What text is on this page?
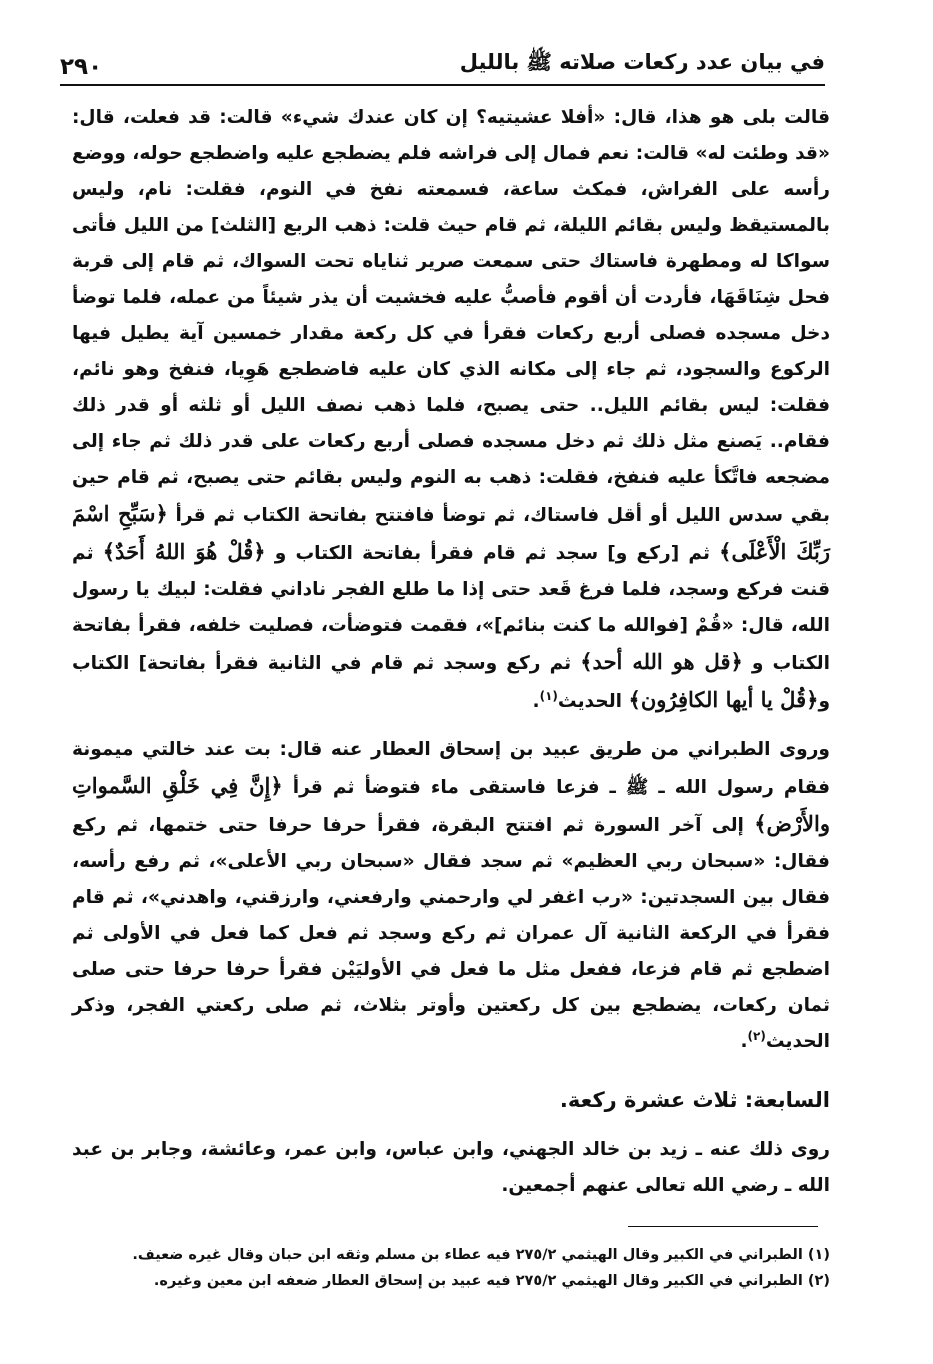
في بيان عدد ركعات صلاته ﷺ بالليل
٢٩٠

قالت بلى هو هذا، قال: «أفلا عشيتيه؟ إن كان عندك شيء» قالت: قد فعلت، قال: «قد وطئت له» قالت: نعم فمال إلى فراشه فلم يضطجع عليه واضطجع حوله، ووضع رأسه على الفراش، فمكث ساعة، فسمعته نفخ في النوم، فقلت: نام، وليس بالمستيقظ وليس بقائم الليلة، ثم قام حيث قلت: ذهب الربع [الثلث] من الليل فأتى سواكا له ومطهرة فاستاك حتى سمعت صرير ثناياه تحت السواك، ثم قام إلى قربة فحل شِنَاقَهَا، فأردت أن أقوم فأصبُّ عليه فخشيت أن يذر شيئاً من عمله، فلما توضأ دخل مسجده فصلى أربع ركعات فقرأ في كل ركعة مقدار خمسين آية يطيل فيها الركوع والسجود، ثم جاء إلى مكانه الذي كان عليه فاضطجع هَوِيا، فنفخ وهو نائم، فقلت: ليس بقائم الليل.. حتى يصبح، فلما ذهب نصف الليل أو ثلثه أو قدر ذلك فقام.. يَصنع مثل ذلك ثم دخل مسجده فصلى أربع ركعات على قدر ذلك ثم جاء إلى مضجعه فاتَّكأ عليه فنفخ، فقلت: ذهب به النوم وليس بقائم حتى يصبح، ثم قام حين بقي سدس الليل أو أقل فاستاك، ثم توضأ فافتتح بفاتحة الكتاب ثم قرأ ﴿سَبِّحِ اسْمَ رَبِّكَ الْأَعْلَى﴾ ثم [ركع و] سجد ثم قام فقرأ بفاتحة الكتاب و ﴿قُلْ هُوَ اللهُ أَحَدٌ﴾ ثم قنت فركع وسجد، فلما فرغ قَعد حتى إذا ما طلع الفجر ناداني فقلت: لبيك يا رسول الله، قال: «قُمْ [فوالله ما كنت بنائم]»، فقمت فتوضأت، فصليت خلفه، فقرأ بفاتحة الكتاب و ﴿قل هو الله أحد﴾ ثم ركع وسجد ثم قام في الثانية فقرأ بفاتحة] الكتاب و﴿قُلْ يا أيها الكافِرُون﴾ الحديث$^{(١)}$.

وروى الطبراني من طريق عبيد بن إسحاق العطار عنه قال: بت عند خالتي ميمونة فقام رسول الله ـ ﷺ ـ فزعا فاستقى ماء فتوضأ ثم قرأ ﴿إِنَّ فِي خَلْقِ السَّمواتِ والأَرْض﴾ إلى آخر السورة ثم افتتح البقرة، فقرأ حرفا حرفا حتى ختمها، ثم ركع فقال: «سبحان ربي العظيم» ثم سجد فقال «سبحان ربي الأعلى»، ثم رفع رأسه، فقال بين السجدتين: «رب اغفر لي وارحمني وارفعني، وارزقني، واهدني»، ثم قام فقرأ في الركعة الثانية آل عمران ثم ركع وسجد ثم فعل كما فعل في الأولى ثم اضطجع ثم قام فزعا، ففعل مثل ما فعل في الأوليَيْن فقرأ حرفا حرفا حتى صلى ثمان ركعات، يضطجع بين كل ركعتين وأوتر بثلاث، ثم صلى ركعتي الفجر، وذكر الحديث$^{(٢)}$.

السابعة: ثلاث عشرة ركعة.

روى ذلك عنه ـ زيد بن خالد الجهني، وابن عباس، وابن عمر، وعائشة، وجابر بن عبد الله ـ رضي الله تعالى عنهم أجمعين.

(١) الطبراني في الكبير وقال الهيثمي ٢٧٥/٢ فيه عطاء بن مسلم وثقه ابن حبان وقال غيره ضعيف.

(٢) الطبراني في الكبير وقال الهيثمي ٢٧٥/٢ فيه عبيد بن إسحاق العطار ضعفه ابن معين وغيره.
